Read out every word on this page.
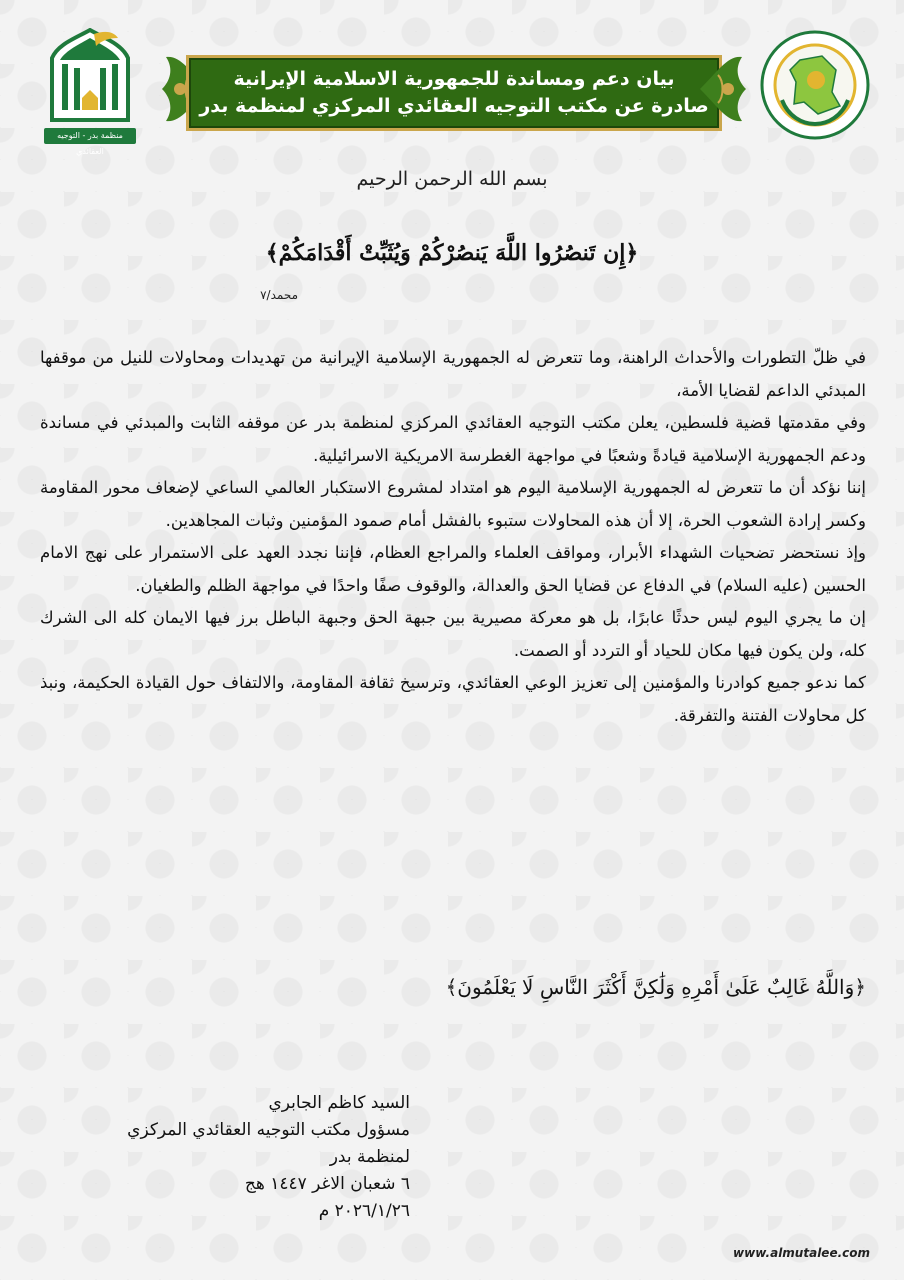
منظمة بدر - التوجيه العقائدي
بيان دعم ومساندة للجمهورية الاسلامية الإيرانية
صادرة عن مكتب التوجيه العقائدي المركزي لمنظمة بدر
بسم الله الرحمن الرحيم
﴿إِن تَنصُرُوا اللَّهَ يَنصُرْكُمْ وَيُثَبِّتْ أَقْدَامَكُمْ﴾
محمد/٧

في ظلّ التطورات والأحداث الراهنة، وما تتعرض له الجمهورية الإسلامية الإيرانية من تهديدات ومحاولات للنيل من موقفها المبدئي الداعم لقضايا الأمة،

وفي مقدمتها قضية فلسطين، يعلن مكتب التوجيه العقائدي المركزي لمنظمة بدر عن موقفه الثابت والمبدئي في مساندة ودعم الجمهورية الإسلامية قيادةً وشعبًا في مواجهة الغطرسة الامريكية الاسرائيلية.

إننا نؤكد أن ما تتعرض له الجمهورية الإسلامية اليوم هو امتداد لمشروع الاستكبار العالمي الساعي لإضعاف محور المقاومة وكسر إرادة الشعوب الحرة، إلا أن هذه المحاولات ستبوء بالفشل أمام صمود المؤمنين وثبات المجاهدين.

وإذ نستحضر تضحيات الشهداء الأبرار، ومواقف العلماء والمراجع العظام، فإننا نجدد العهد على الاستمرار على نهج الامام الحسين (عليه السلام) في الدفاع عن قضايا الحق والعدالة، والوقوف صفًا واحدًا في مواجهة الظلم والطغيان.

إن ما يجري اليوم ليس حدثًا عابرًا، بل هو معركة مصيرية بين جبهة الحق وجبهة الباطل برز فيها الايمان كله الى الشرك كله، ولن يكون فيها مكان للحياد أو التردد أو الصمت.

كما ندعو جميع كوادرنا والمؤمنين إلى تعزيز الوعي العقائدي، وترسيخ ثقافة المقاومة، والالتفاف حول القيادة الحكيمة، ونبذ كل محاولات الفتنة والتفرقة.

﴿وَاللَّهُ غَالِبٌ عَلَىٰ أَمْرِهِ وَلَٰكِنَّ أَكْثَرَ النَّاسِ لَا يَعْلَمُونَ﴾
السيد كاظم الجابري
مسؤول مكتب التوجيه العقائدي المركزي
لمنظمة بدر
٦ شعبان الاغر ١٤٤٧ هج
٢٠٢٦/١/٢٦ م
www.almutalee.com
